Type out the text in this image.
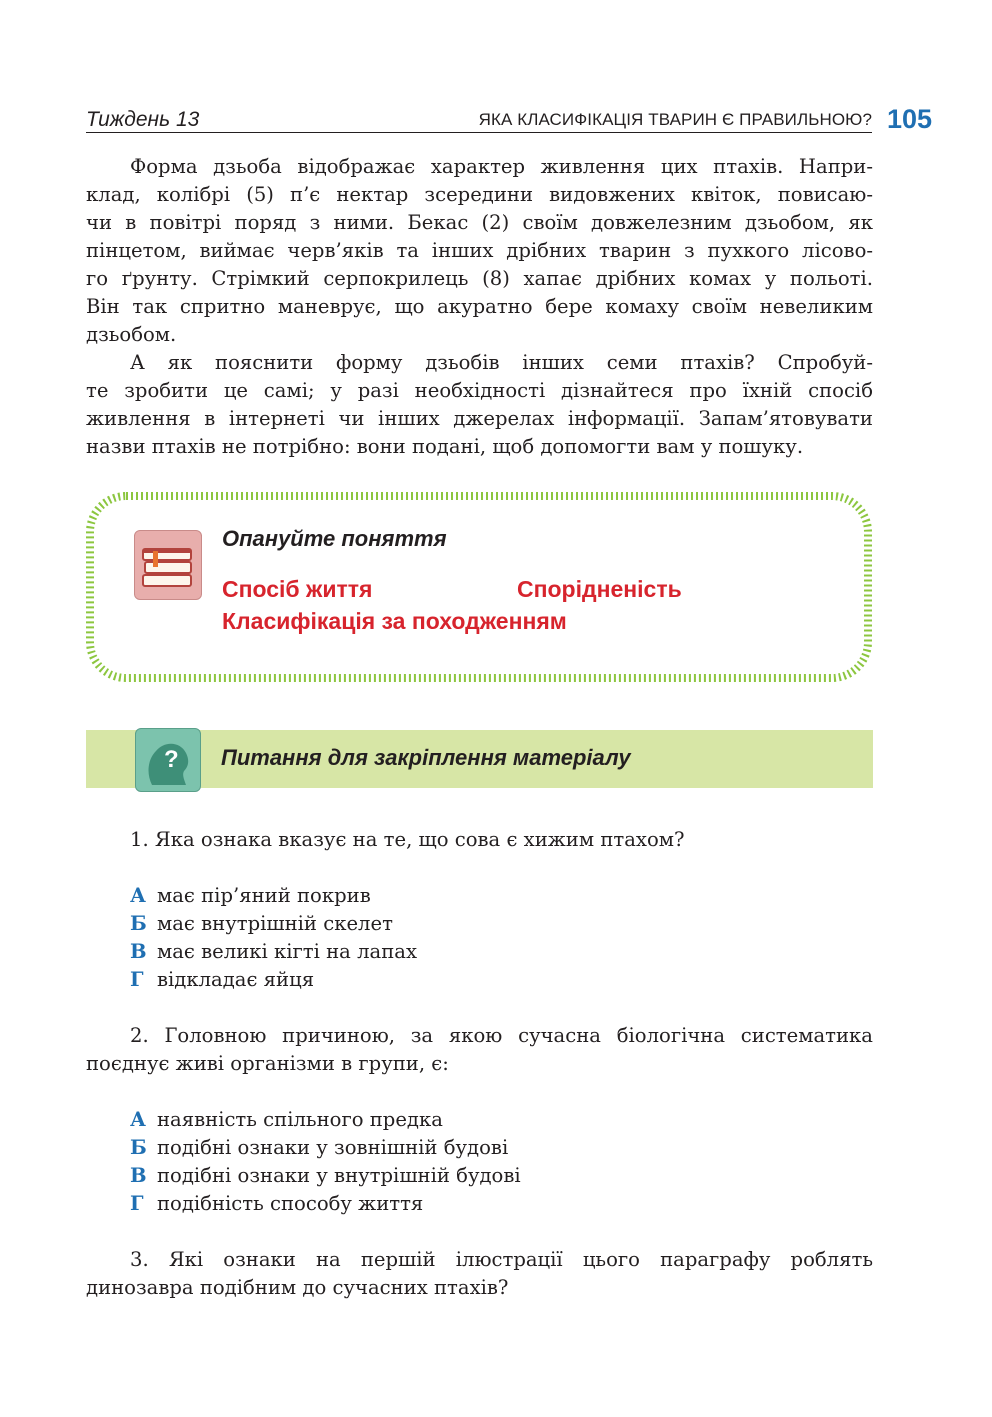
Тиждень 13	ЯКА КЛАСИФІКАЦІЯ ТВАРИН Є ПРАВИЛЬНОЮ? 105

Форма дзьоба відображає характер живлення цих птахів. Напри-
клад, колібрі (5) п’є нектар зсередини видовжених квіток, повисаю-
чи в повітрі поряд з ними. Бекас (2) своїм довжелезним дзьобом, як
пінцетом, виймає черв’яків та інших дрібних тварин з пухкого лісово-
го ґрунту. Стрімкий серпокрилець (8) хапає дрібних комах у польоті.
Він так спритно маневрує, що акуратно бере комаху своїм невеликим
дзьобом.

А як пояснити форму дзьобів інших семи птахів? Спробуй-
те зробити це самі; у разі необхідності дізнайтеся про їхній спосіб
живлення в інтернеті чи інших джерелах інформації. Запам’ятовувати
назви птахів не потрібно: вони подані, щоб допомогти вам у пошуку.

Опануйте поняття
Спосіб життя	Спорідненість
Класифікація за походженням
? Питання для закріплення матеріалу

1. Яка ознака вказує на те, що сова є хижим птахом?

А має пір’яний покрив
Б має внутрішній скелет
В має великі кігті на лапах
Г відкладає яйця

2. Головною причиною, за якою сучасна біологічна систематика
поєднує живі організми в групи, є:

А наявність спільного предка
Б подібні ознаки у зовнішній будові
В подібні ознаки у внутрішній будові
Г подібність способу життя

3. Які ознаки на першій ілюстрації цього параграфу роблять
динозавра подібним до сучасних птахів?
